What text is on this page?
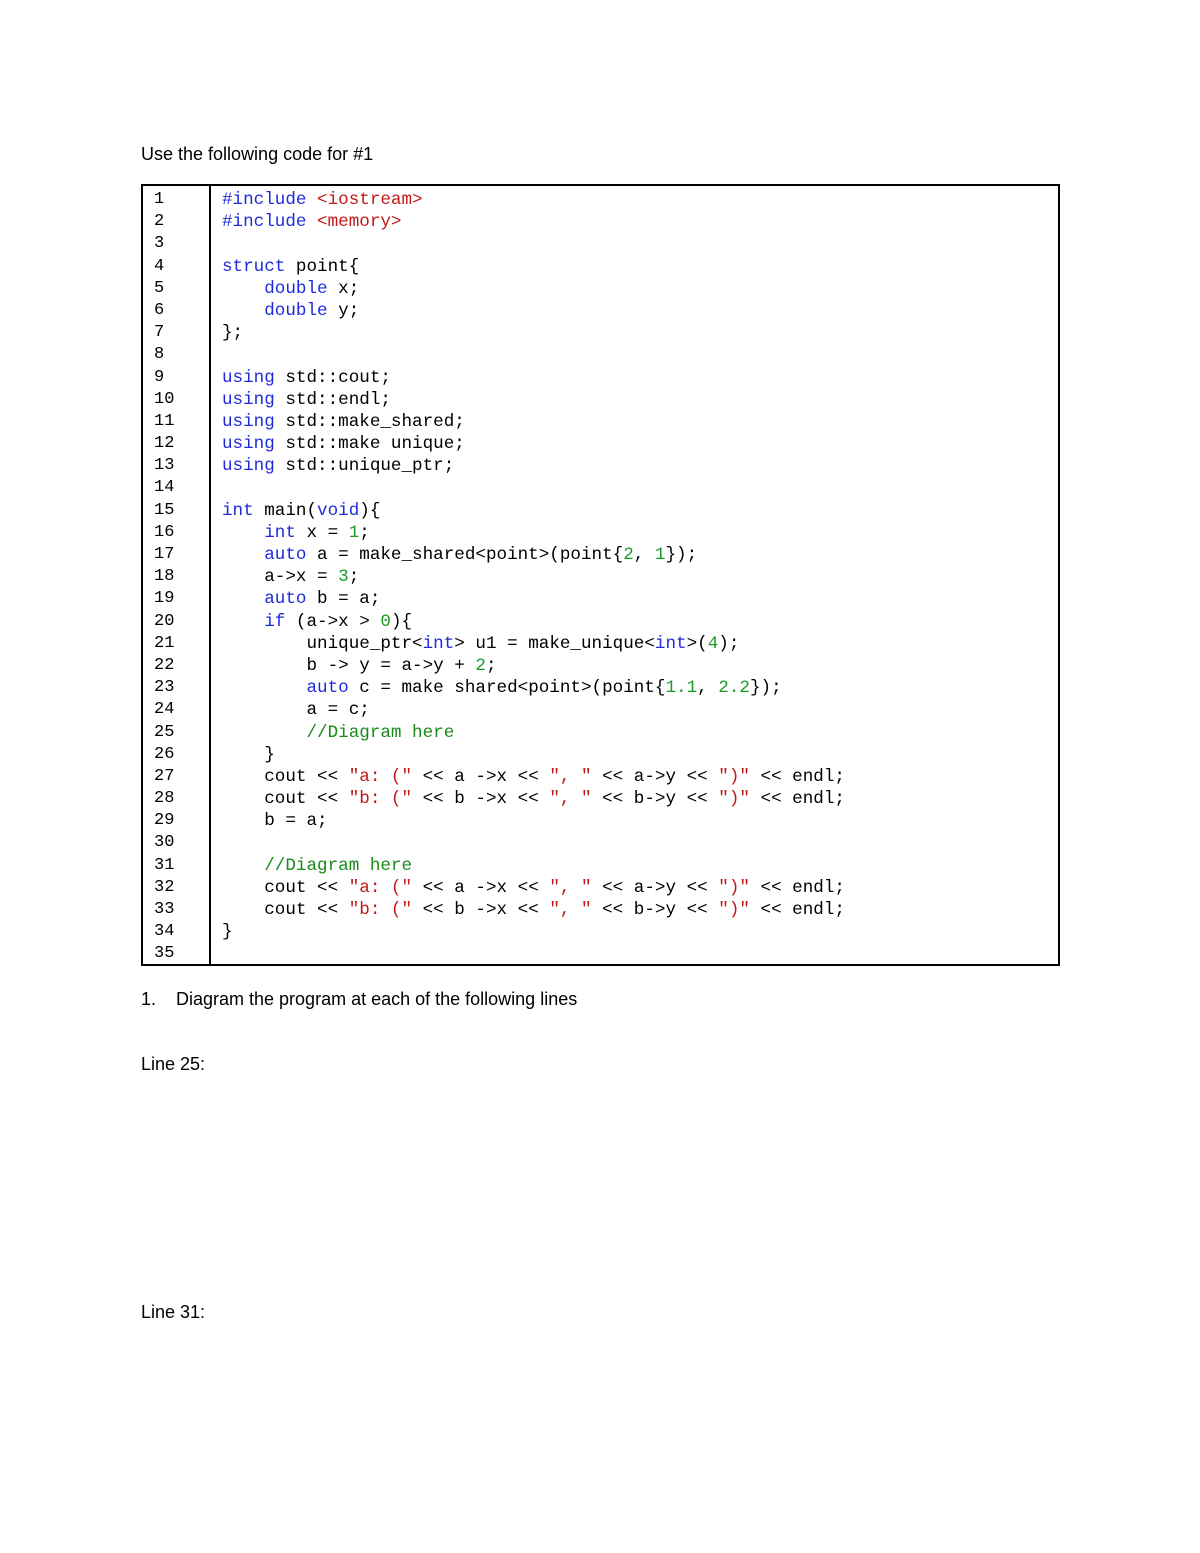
Use the following code for #1
1
2
3
4
5
6
7
8
9
10
11
12
13
14
15
16
17
18
19
20
21
22
23
24
25
26
27
28
29
30
31
32
33
34
35
#include <iostream>
#include <memory>

struct point{
double x;
double y;
};

using std::cout;
using std::endl;
using std::make_shared;
using std::make unique;
using std::unique_ptr;

int main(void){
int x = 1;
auto a = make_shared<point>(point{2, 1});
a->x = 3;
auto b = a;
if (a->x > 0){
unique_ptr<int> u1 = make_unique<int>(4);
b -> y = a->y + 2;
auto c = make shared<point>(point{1.1, 2.2});
a = c;
//Diagram here
}
cout << "a: (" << a ->x << ", " << a->y << ")" << endl;
cout << "b: (" << b ->x << ", " << b->y << ")" << endl;
b = a;

//Diagram here
cout << "a: (" << a ->x << ", " << a->y << ")" << endl;
cout << "b: (" << b ->x << ", " << b->y << ")" << endl;
}

1. Diagram the program at each of the following lines
Line 25:
Line 31:
